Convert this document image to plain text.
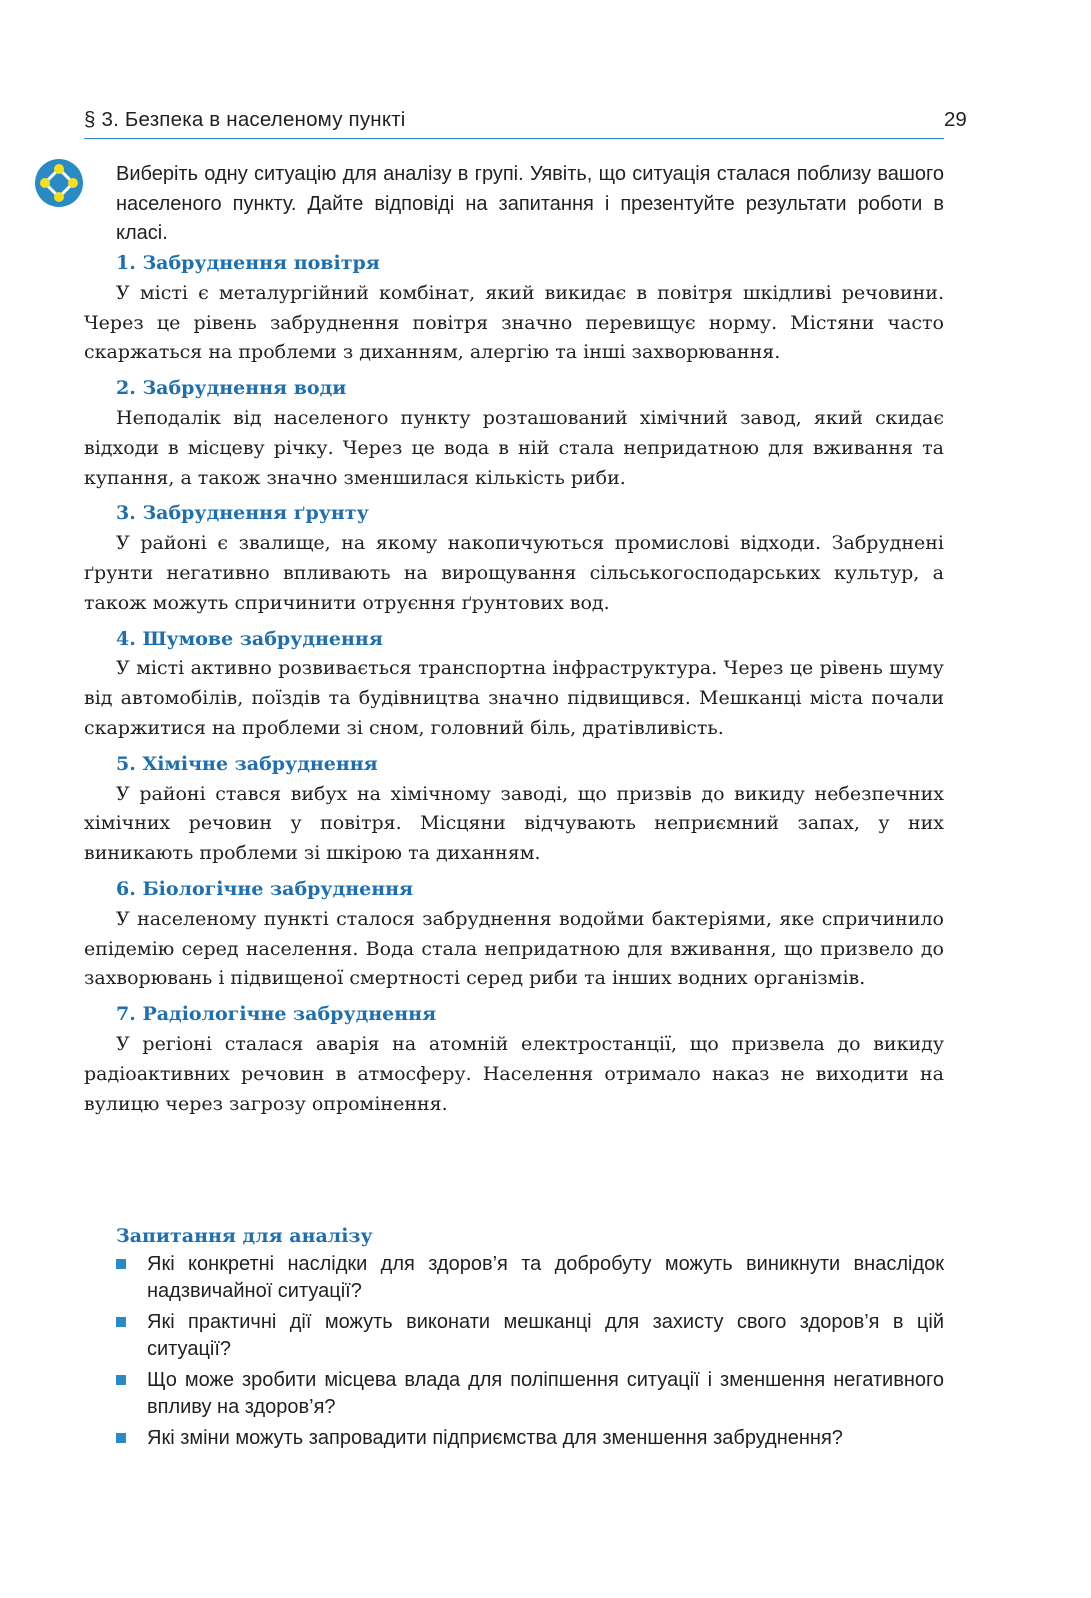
§ 3. Безпека в населеному пункті	29
Виберіть одну ситуацію для аналізу в групі. Уявіть, що ситуація сталася поблизу вашого населеного пункту. Дайте відповіді на запитання і презентуйте результати роботи в класі.

1. Забруднення повітря

У місті є металургійний комбінат, який викидає в повітря шкідливі речовини. Через це рівень забруднення повітря значно перевищує норму. Містяни часто скаржаться на проблеми з диханням, алергію та інші захворювання.

2. Забруднення води

Неподалік від населеного пункту розташований хімічний завод, який скидає відходи в місцеву річку. Через це вода в ній стала непридатною для вживання та купання, а також значно зменшилася кількість риби.

3. Забруднення ґрунту

У районі є звалище, на якому накопичуються промислові відходи. Забруднені ґрунти негативно впливають на вирощування сільськогосподарських культур, а також можуть спричинити отруєння ґрунтових вод.

4. Шумове забруднення

У місті активно розвивається транспортна інфраструктура. Через це рівень шуму від автомобілів, поїздів та будівництва значно підвищився. Мешканці міста почали скаржитися на проблеми зі сном, головний біль, дратівливість.

5. Хімічне забруднення

У районі стався вибух на хімічному заводі, що призвів до викиду небезпечних хімічних речовин у повітря. Місцяни відчувають неприємний запах, у них виникають проблеми зі шкірою та диханням.

6. Біологічне забруднення

У населеному пункті сталося забруднення водойми бактеріями, яке спричинило епідемію серед населення. Вода стала непридатною для вживання, що призвело до захворювань і підвищеної смертності серед риби та інших водних організмів.

7. Радіологічне забруднення

У регіоні сталася аварія на атомній електростанції, що призвела до викиду радіоактивних речовин в атмосферу. Населення отримало наказ не виходити на вулицю через загрозу опромінення.

Запитання для аналізу
Які конкретні наслідки для здоров’я та добробуту можуть виникнути внаслідок надзвичайної ситуації?
Які практичні дії можуть виконати мешканці для захисту свого здоров’я в цій ситуації?
Що може зробити місцева влада для поліпшення ситуації і зменшення негативного впливу на здоров’я?
Які зміни можуть запровадити підприємства для зменшення забруднення?
